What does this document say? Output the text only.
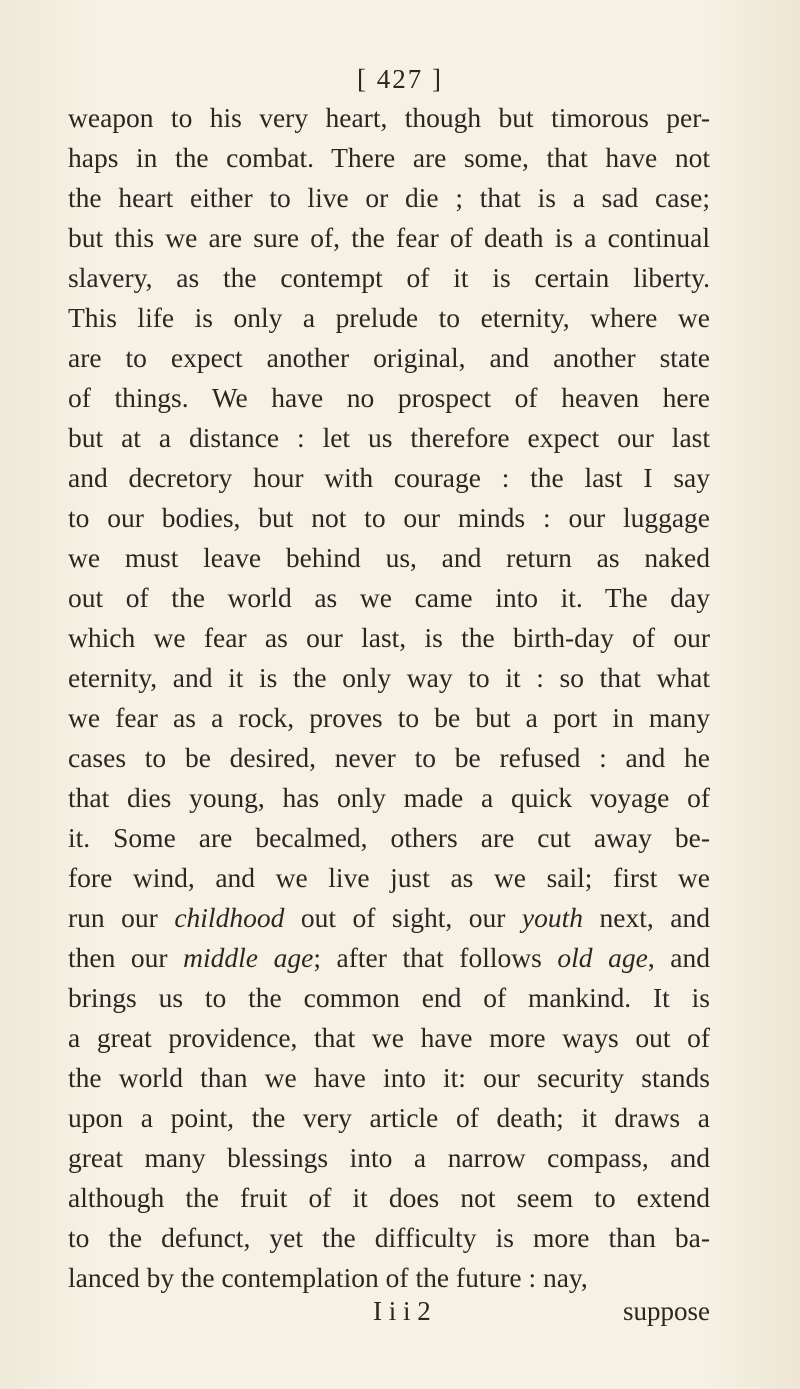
[ 427 ]
weapon to his very heart, though but timorous per-
haps in the combat. There are some, that have not
the heart either to live or die ; that is a sad case;
but this we are sure of, the fear of death is a continual
slavery, as the contempt of it is certain liberty.
This life is only a prelude to eternity, where we
are to expect another original, and another state
of things. We have no prospect of heaven here
but at a distance : let us therefore expect our last
and decretory hour with courage : the last I say
to our bodies, but not to our minds : our luggage
we must leave behind us, and return as naked
out of the world as we came into it. The day
which we fear as our last, is the birth-day of our
eternity, and it is the only way to it : so that what
we fear as a rock, proves to be but a port in many
cases to be desired, never to be refused : and he
that dies young, has only made a quick voyage of
it. Some are becalmed, others are cut away be-
fore wind, and we live just as we sail; first we
run our childhood out of sight, our youth next, and
then our middle age; after that follows old age, and
brings us to the common end of mankind. It is
a great providence, that we have more ways out of
the world than we have into it: our security stands
upon a point, the very article of death; it draws a
great many blessings into a narrow compass, and
although the fruit of it does not seem to extend
to the defunct, yet the difficulty is more than ba-
lanced by the contemplation of the future : nay,
I i i 2	suppose
